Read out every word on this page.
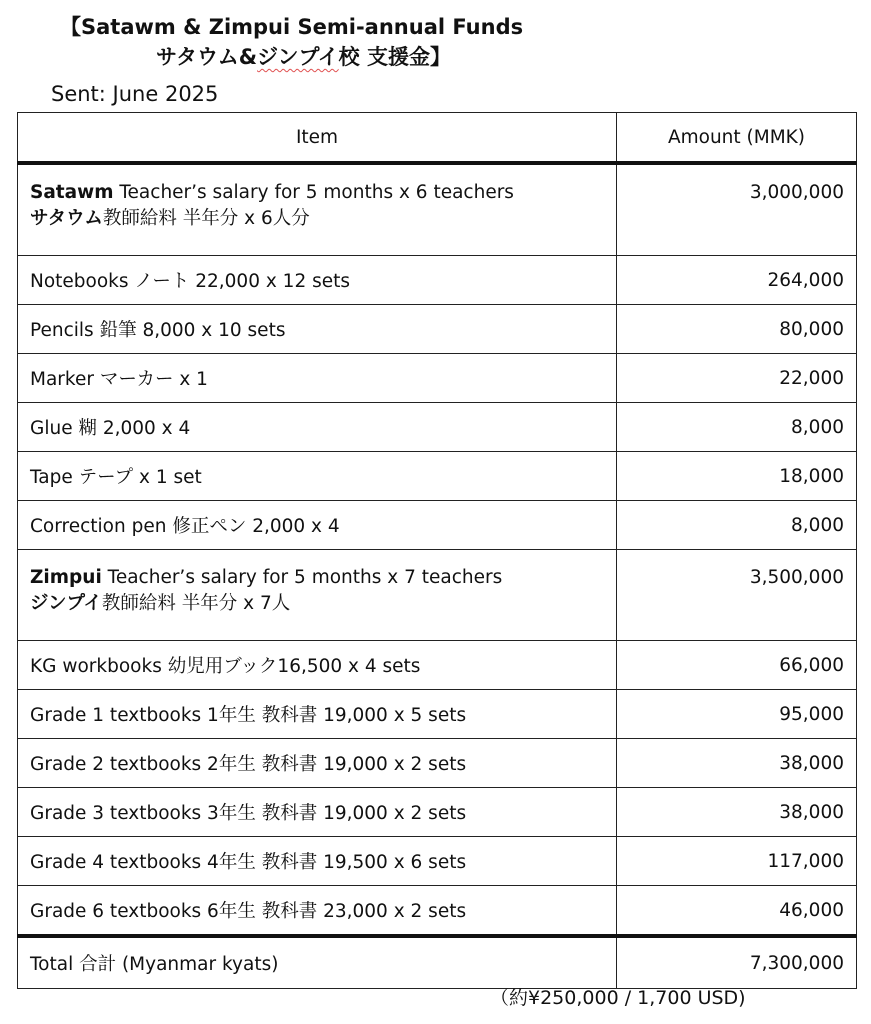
【Satawm & Zimpui Semi-annual Funds
サタウム&ジンプイ校 支援金】
Sent: June 2025
Item	Amount (MMK)

Satawm Teacher’s salary for 5 months x 6 teachers
サタウム教師給料 半年分 x 6人分	3,000,000
Notebooks ノート 22,000 x 12 sets	264,000
Pencils 鉛筆 8,000 x 10 sets	80,000
Marker マーカー x 1	22,000
Glue 糊 2,000 x 4	8,000
Tape テープ x 1 set	18,000
Correction pen 修正ペン 2,000 x 4	8,000

Zimpui Teacher’s salary for 5 months x 7 teachers
ジンプイ教師給料 半年分 x 7人	3,500,000
KG workbooks 幼児用ブック16,500 x 4 sets	66,000
Grade 1 textbooks 1年生 教科書 19,000 x 5 sets	95,000
Grade 2 textbooks 2年生 教科書 19,000 x 2 sets	38,000
Grade 3 textbooks 3年生 教科書 19,000 x 2 sets	38,000
Grade 4 textbooks 4年生 教科書 19,500 x 6 sets	117,000
Grade 6 textbooks 6年生 教科書 23,000 x 2 sets	46,000
Total 合計 (Myanmar kyats)	7,300,000
（約¥250,000 / 1,700 USD)
